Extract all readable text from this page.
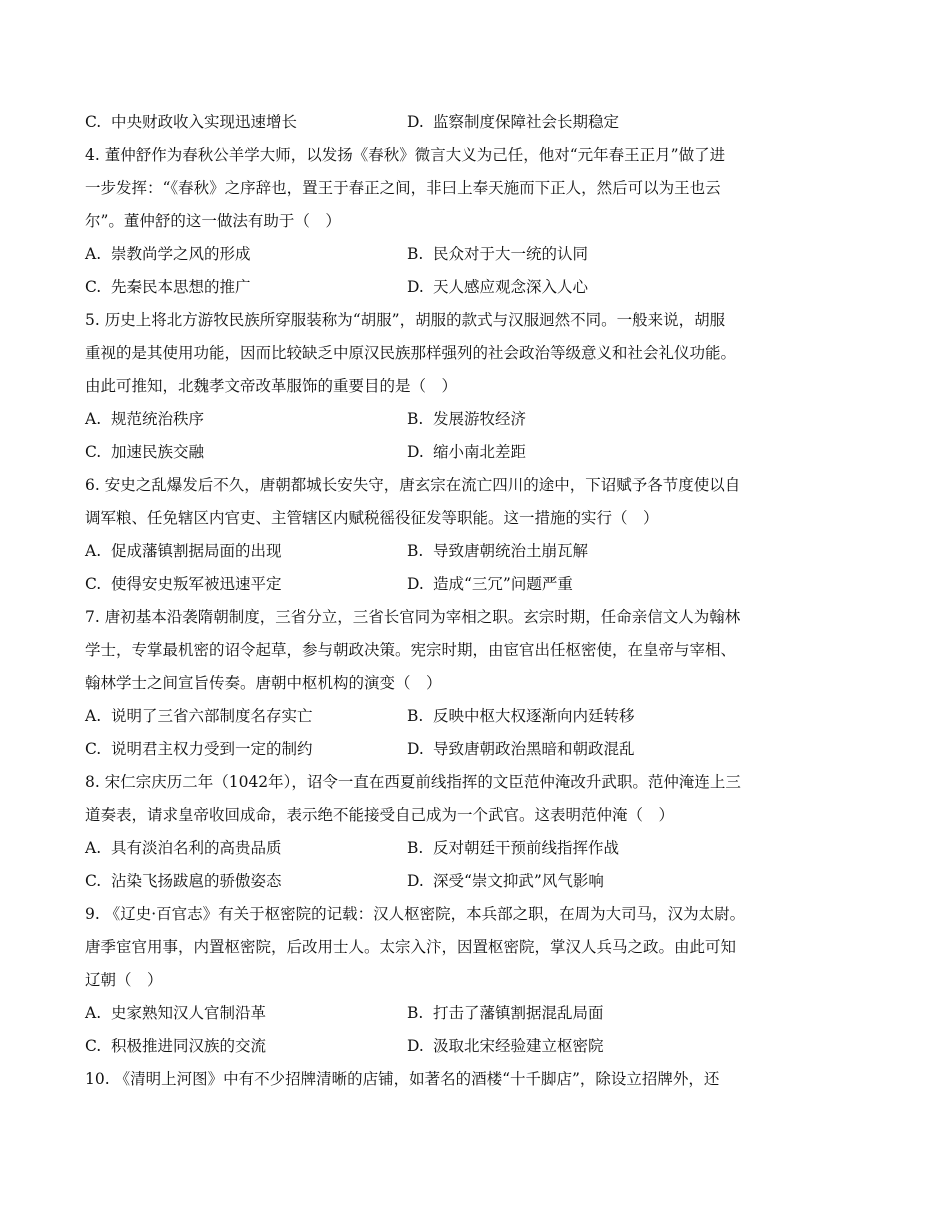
C. 中央财政收入实现迅速增长	D. 监察制度保障社会长期稳定
4. 董仲舒作为春秋公羊学大师，以发扬《春秋》微言大义为己任，他对“元年春王正月”做了进
一步发挥：“《春秋》之序辞也，置王于春正之间，非曰上奉天施而下正人，然后可以为王也云
尔”。董仲舒的这一做法有助于（　）
A. 崇教尚学之风的形成	B. 民众对于大一统的认同
C. 先秦民本思想的推广	D. 天人感应观念深入人心
5. 历史上将北方游牧民族所穿服装称为“胡服”，胡服的款式与汉服迥然不同。一般来说，胡服
重视的是其使用功能，因而比较缺乏中原汉民族那样强列的社会政治等级意义和社会礼仪功能。
由此可推知，北魏孝文帝改革服饰的重要目的是（　）
A. 规范统治秩序	B. 发展游牧经济
C. 加速民族交融	D. 缩小南北差距
6. 安史之乱爆发后不久，唐朝都城长安失守，唐玄宗在流亡四川的途中，下诏赋予各节度使以自
调军粮、任免辖区内官吏、主管辖区内赋税徭役征发等职能。这一措施的实行（　）
A. 促成藩镇割据局面的出现	B. 导致唐朝统治土崩瓦解
C. 使得安史叛军被迅速平定	D. 造成“三冗”问题严重
7. 唐初基本沿袭隋朝制度，三省分立，三省长官同为宰相之职。玄宗时期，任命亲信文人为翰林
学士，专掌最机密的诏令起草，参与朝政决策。宪宗时期，由宦官出任枢密使，在皇帝与宰相、
翰林学士之间宣旨传奏。唐朝中枢机构的演变（　）
A. 说明了三省六部制度名存实亡	B. 反映中枢大权逐渐向内廷转移
C. 说明君主权力受到一定的制约	D. 导致唐朝政治黑暗和朝政混乱
8. 宋仁宗庆历二年（1042年），诏令一直在西夏前线指挥的文臣范仲淹改升武职。范仲淹连上三
道奏表，请求皇帝收回成命，表示绝不能接受自己成为一个武官。这表明范仲淹（　）
A. 具有淡泊名利的高贵品质	B. 反对朝廷干预前线指挥作战
C. 沾染飞扬跋扈的骄傲姿态	D. 深受“崇文抑武”风气影响
9. 《辽史·百官志》有关于枢密院的记载：汉人枢密院，本兵部之职，在周为大司马，汉为太尉。
唐季宦官用事，内置枢密院，后改用士人。太宗入汴，因置枢密院，掌汉人兵马之政。由此可知
辽朝（　）
A. 史家熟知汉人官制沿革	B. 打击了藩镇割据混乱局面
C. 积极推进同汉族的交流	D. 汲取北宋经验建立枢密院
10. 《清明上河图》中有不少招牌清晰的店铺，如著名的酒楼“十千脚店”，除设立招牌外，还
